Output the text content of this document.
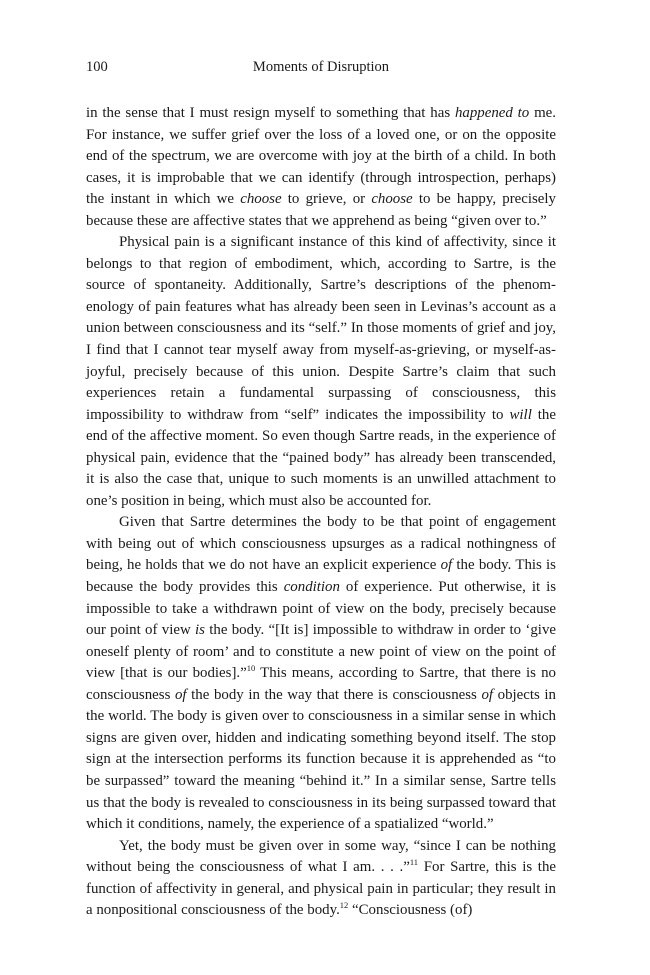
100	Moments of Disruption

in the sense that I must resign myself to something that has happened to me. For instance, we suffer grief over the loss of a loved one, or on the opposite end of the spectrum, we are overcome with joy at the birth of a child. In both cases, it is improbable that we can identify (through introspection, perhaps) the instant in which we choose to grieve, or choose to be happy, precisely because these are affective states that we apprehend as being “given over to.”

Physical pain is a significant instance of this kind of affectivity, since it belongs to that region of embodiment, which, according to Sartre, is the source of spontaneity. Additionally, Sartre’s descriptions of the phenomenology of pain features what has already been seen in Levinas’s account as a union between consciousness and its “self.” In those moments of grief and joy, I find that I cannot tear myself away from myself-as-grieving, or myself-as-joyful, precisely because of this union. Despite Sartre’s claim that such experiences retain a fundamental surpassing of consciousness, this impossibility to withdraw from “self” indicates the impossibility to will the end of the affective moment. So even though Sartre reads, in the experience of physical pain, evidence that the “pained body” has already been transcended, it is also the case that, unique to such moments is an unwilled attachment to one’s position in being, which must also be accounted for.

Given that Sartre determines the body to be that point of engagement with being out of which consciousness upsurges as a radical nothingness of being, he holds that we do not have an explicit experience of the body. This is because the body provides this condition of experience. Put otherwise, it is impossible to take a withdrawn point of view on the body, precisely because our point of view is the body. “[It is] impossible to withdraw in order to ‘give oneself plenty of room’ and to constitute a new point of view on the point of view [that is our bodies].”$^{10}$ This means, according to Sartre, that there is no consciousness of the body in the way that there is consciousness of objects in the world. The body is given over to consciousness in a similar sense in which signs are given over, hidden and indicating something beyond itself. The stop sign at the intersection performs its function because it is apprehended as “to be surpassed” toward the meaning “behind it.” In a similar sense, Sartre tells us that the body is revealed to consciousness in its being surpassed toward that which it conditions, namely, the experience of a spatialized “world.”

Yet, the body must be given over in some way, “since I can be nothing without being the consciousness of what I am. . . .”$^{11}$ For Sartre, this is the function of affectivity in general, and physical pain in particular; they result in a nonpositional consciousness of the body.$^{12}$ “Consciousness (of)
